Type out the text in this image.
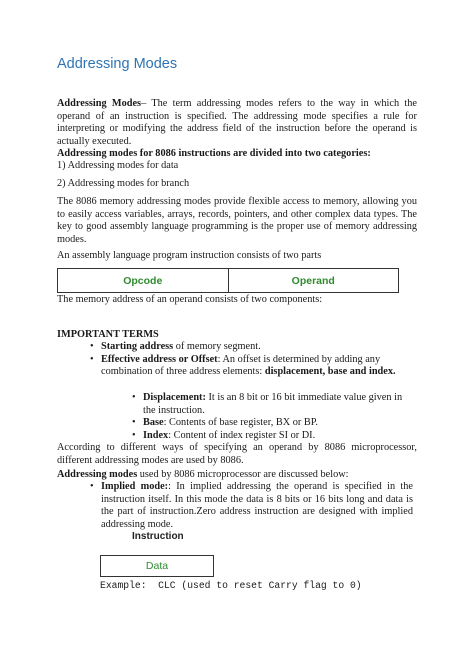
Addressing Modes

Addressing Modes– The term addressing modes refers to the way in which the operand of an instruction is specified. The addressing mode specifies a rule for interpreting or modifying the address field of the instruction before the operand is actually executed.

Addressing modes for 8086 instructions are divided into two categories:

1) Addressing modes for data

2) Addressing modes for branch

The 8086 memory addressing modes provide flexible access to memory, allowing you to easily access variables, arrays, records, pointers, and other complex data types. The key to good assembly language programming is the proper use of memory addressing modes.

An assembly language program instruction consists of two parts

Opcode	Operand

The memory address of an operand consists of two components:

IMPORTANT TERMS

• Starting address of memory segment.
• Effective address or Offset: An offset is determined by adding any combination of three address elements: displacement, base and index.
• Displacement: It is an 8 bit or 16 bit immediate value given in the instruction.
• Base: Contents of base register, BX or BP.
• Index: Content of index register SI or DI.

According to different ways of specifying an operand by 8086 microprocessor, different addressing modes are used by 8086.

Addressing modes used by 8086 microprocessor are discussed below:

• Implied mode:: In implied addressing the operand is specified in the instruction itself. In this mode the data is 8 bits or 16 bits long and data is the part of instruction.Zero address instruction are designed with implied addressing mode.
Instruction
Data

Example:  CLC (used to reset Carry flag to 0)
